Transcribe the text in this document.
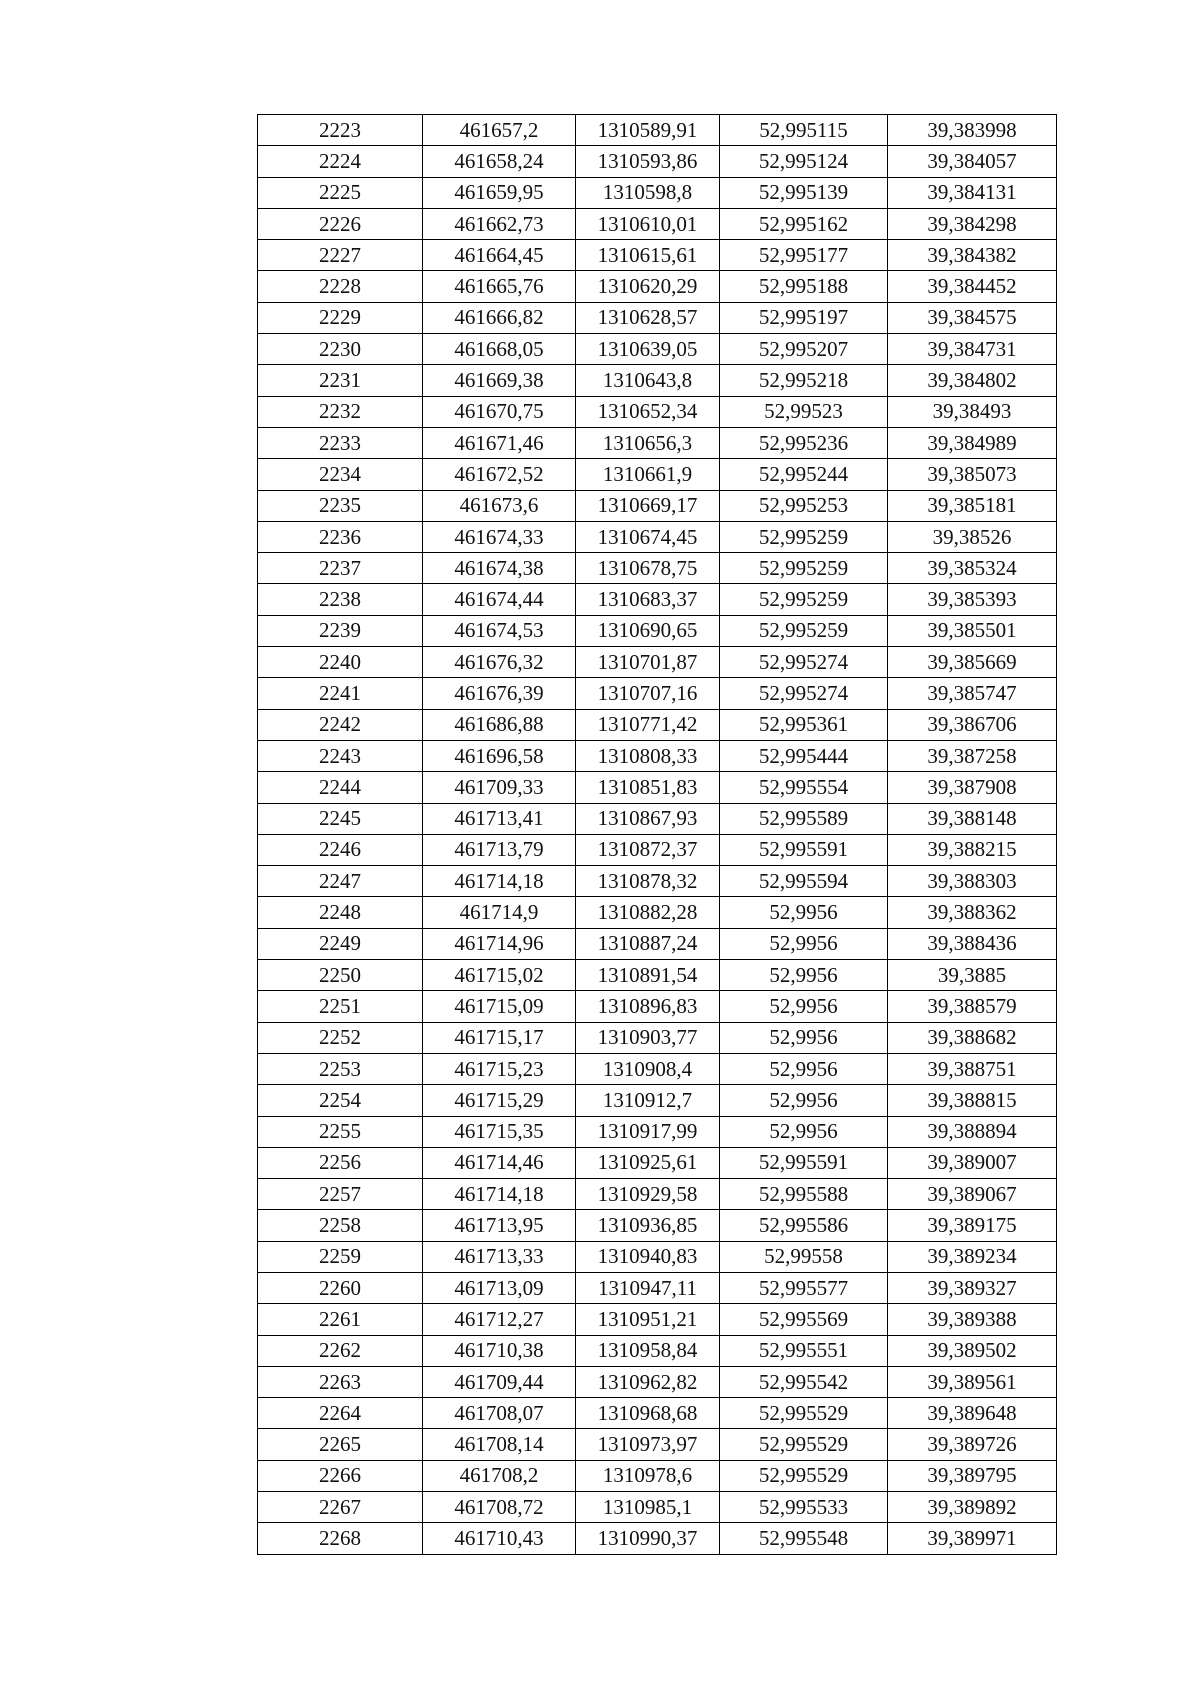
2223	461657,2	1310589,91	52,995115	39,383998
2224	461658,24	1310593,86	52,995124	39,384057
2225	461659,95	1310598,8	52,995139	39,384131
2226	461662,73	1310610,01	52,995162	39,384298
2227	461664,45	1310615,61	52,995177	39,384382
2228	461665,76	1310620,29	52,995188	39,384452
2229	461666,82	1310628,57	52,995197	39,384575
2230	461668,05	1310639,05	52,995207	39,384731
2231	461669,38	1310643,8	52,995218	39,384802
2232	461670,75	1310652,34	52,99523	39,38493
2233	461671,46	1310656,3	52,995236	39,384989
2234	461672,52	1310661,9	52,995244	39,385073
2235	461673,6	1310669,17	52,995253	39,385181
2236	461674,33	1310674,45	52,995259	39,38526
2237	461674,38	1310678,75	52,995259	39,385324
2238	461674,44	1310683,37	52,995259	39,385393
2239	461674,53	1310690,65	52,995259	39,385501
2240	461676,32	1310701,87	52,995274	39,385669
2241	461676,39	1310707,16	52,995274	39,385747
2242	461686,88	1310771,42	52,995361	39,386706
2243	461696,58	1310808,33	52,995444	39,387258
2244	461709,33	1310851,83	52,995554	39,387908
2245	461713,41	1310867,93	52,995589	39,388148
2246	461713,79	1310872,37	52,995591	39,388215
2247	461714,18	1310878,32	52,995594	39,388303
2248	461714,9	1310882,28	52,9956	39,388362
2249	461714,96	1310887,24	52,9956	39,388436
2250	461715,02	1310891,54	52,9956	39,3885
2251	461715,09	1310896,83	52,9956	39,388579
2252	461715,17	1310903,77	52,9956	39,388682
2253	461715,23	1310908,4	52,9956	39,388751
2254	461715,29	1310912,7	52,9956	39,388815
2255	461715,35	1310917,99	52,9956	39,388894
2256	461714,46	1310925,61	52,995591	39,389007
2257	461714,18	1310929,58	52,995588	39,389067
2258	461713,95	1310936,85	52,995586	39,389175
2259	461713,33	1310940,83	52,99558	39,389234
2260	461713,09	1310947,11	52,995577	39,389327
2261	461712,27	1310951,21	52,995569	39,389388
2262	461710,38	1310958,84	52,995551	39,389502
2263	461709,44	1310962,82	52,995542	39,389561
2264	461708,07	1310968,68	52,995529	39,389648
2265	461708,14	1310973,97	52,995529	39,389726
2266	461708,2	1310978,6	52,995529	39,389795
2267	461708,72	1310985,1	52,995533	39,389892
2268	461710,43	1310990,37	52,995548	39,389971
